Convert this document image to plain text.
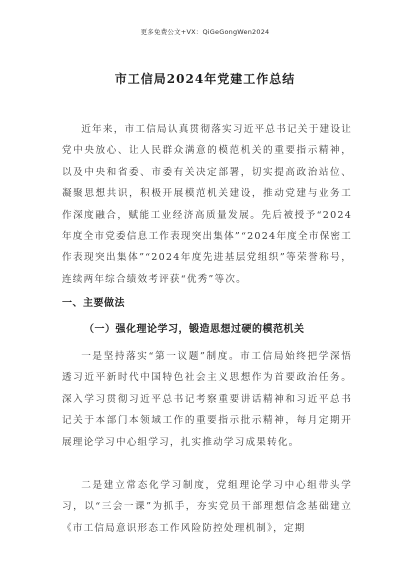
更多免费公文+VX：QiGeGongWen2024
市工信局2024年党建工作总结

近年来，市工信局认真贯彻落实习近平总书记关于建设让党中央放心、让人民群众满意的模范机关的重要指示精神，以及中央和省委、市委有关决定部署，切实提高政治站位、凝聚思想共识，积极开展模范机关建设，推动党建与业务工作深度融合，赋能工业经济高质量发展。先后被授予“2024年度全市党委信息工作表现突出集体”“2024年度全市保密工作表现突出集体”“2024年度先进基层党组织”等荣誉称号，连续两年综合绩效考评获“优秀”等次。

一、主要做法
（一）强化理论学习，锻造思想过硬的模范机关

一是坚持落实“第一议题”制度。市工信局始终把学深悟透习近平新时代中国特色社会主义思想作为首要政治任务。深入学习贯彻习近平总书记考察重要讲话精神和习近平总书记关于本部门本领域工作的重要指示批示精神，每月定期开展理论学习中心组学习，扎实推动学习成果转化。

二是建立常态化学习制度，党组理论学习中心组带头学习，以“三会一课”为抓手，夯实党员干部理想信念基础建立《市工信局意识形态工作风险防控处理机制》，定期
